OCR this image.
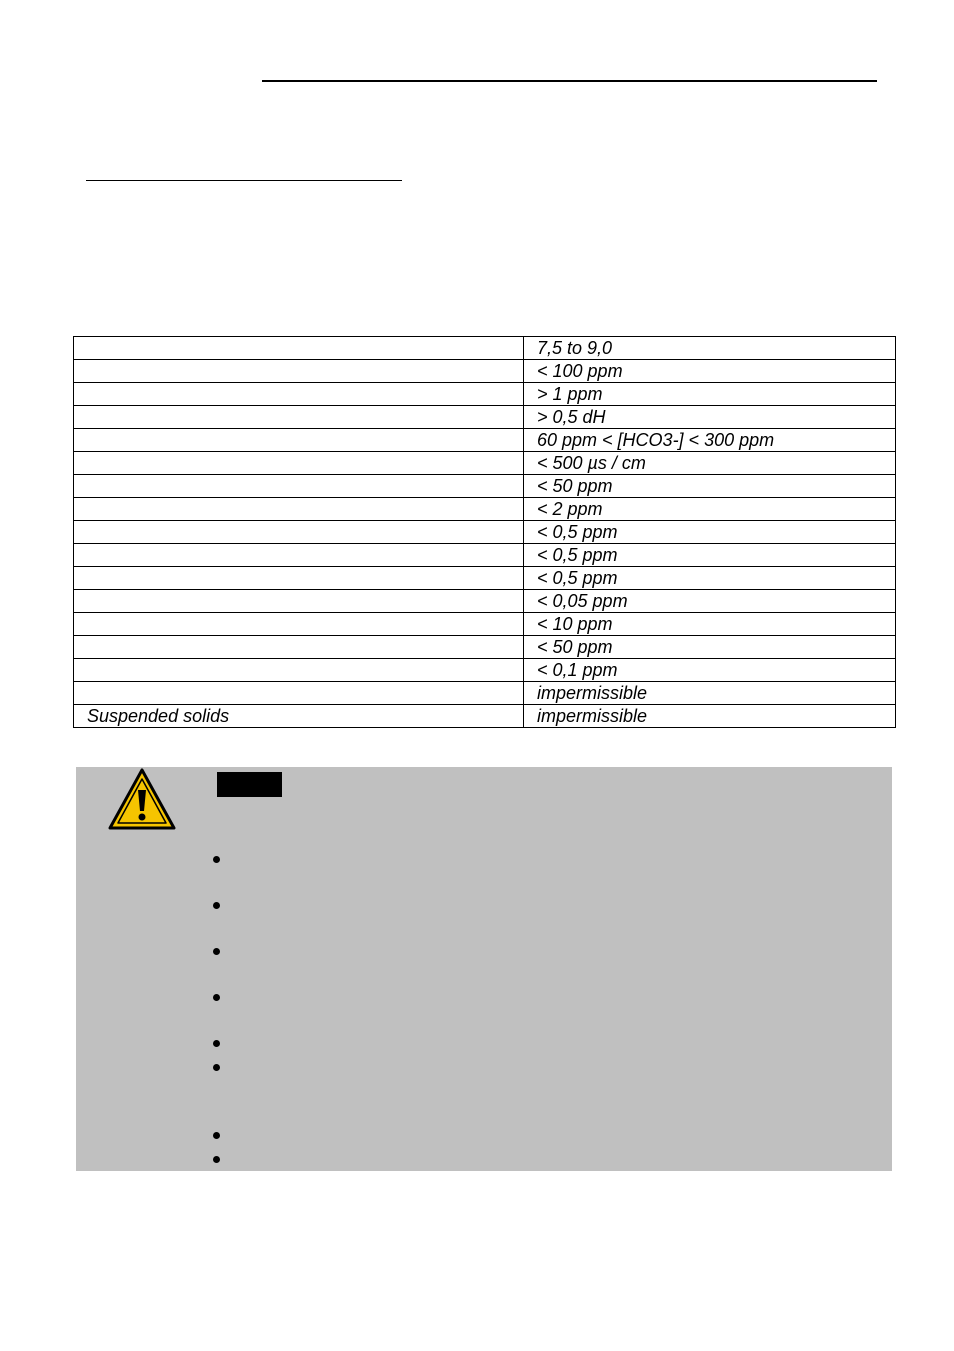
	7,5 to 9,0
	< 100 ppm
	> 1 ppm
	> 0,5 dH
	60 ppm < [HCO3-] < 300 ppm
	< 500 µs / cm
	< 50 ppm
	< 2 ppm
	< 0,5 ppm
	< 0,5 ppm
	< 0,5 ppm
	< 0,05 ppm
	< 10 ppm
	< 50 ppm
	< 0,1 ppm
	impermissible
Suspended solids	impermissible
